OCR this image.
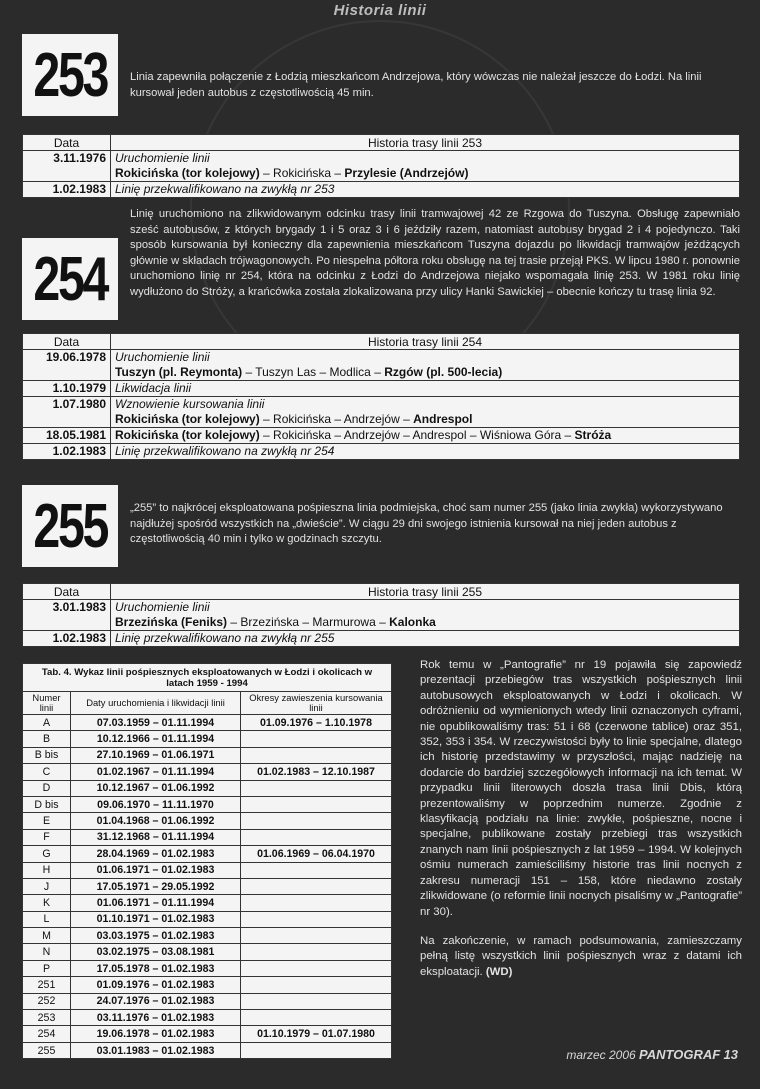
Historia linii
253 Linia zapewniła połączenie z Łodzią mieszkańcom Andrzejowa, który wówczas nie należał jeszcze do Łodzi. Na linii kursował jeden autobus z częstotliwością 45 min.
Data	Historia trasy linii 253
3.11.1976	Uruchomienie linii
Rokicińska (tor kolejowy) – Rokicińska – Przylesie (Andrzejów)

1.02.1983	Linię przekwalifikowano na zwykłą nr 253
254
Linię uruchomiono na zlikwidowanym odcinku trasy linii tramwajowej 42 ze Rzgowa do Tuszyna. Obsługę zapewniało sześć autobusów, z których brygady 1 i 5 oraz 3 i 6 jeździły razem, natomiast autobusy brygad 2 i 4 pojedynczo. Taki sposób kursowania był konieczny dla zapewnienia mieszkańcom Tuszyna dojazdu po likwidacji tramwajów jeżdżących głównie w składach trójwagonowych. Po niespełna półtora roku obsługę na tej trasie przejął PKS. W lipcu 1980 r. ponownie uruchomiono linię nr 254, która na odcinku z Łodzi do Andrzejowa niejako wspomagała linię 253. W 1981 roku linię wydłużono do Stróży, a krańcówka została zlokalizowana przy ulicy Hanki Sawickiej – obecnie kończy tu trasę linia 92.
Data	Historia trasy linii 254
19.06.1978	Uruchomienie linii
Tuszyn (pl. Reymonta) – Tuszyn Las – Modlica – Rzgów (pl. 500-lecia)

1.10.1979	Likwidacja linii

1.07.1980	Wznowienie kursowania linii
Rokicińska (tor kolejowy) – Rokicińska – Andrzejów – Andrespol

18.05.1981	Rokicińska (tor kolejowy) – Rokicińska – Andrzejów – Andrespol – Wiśniowa Góra – Stróża

1.02.1983	Linię przekwalifikowano na zwykłą nr 254
255 „255” to najkrócej eksploatowana pośpieszna linia podmiejska, choć sam numer 255 (jako linia zwykła) wykorzystywano najdłużej spośród wszystkich na „dwieście”. W ciągu 29 dni swojego istnienia kursował na niej jeden autobus z częstotliwością 40 min i tylko w godzinach szczytu.
Data	Historia trasy linii 255
3.01.1983	Uruchomienie linii
Brzezińska (Feniks) – Brzezińska – Marmurowa – Kalonka

1.02.1983	Linię przekwalifikowano na zwykłą nr 255
Tab. 4. Wykaz linii pośpiesznych eksploatowanych w Łodzi i okolicach w latach 1959 - 1994
Numer linii	Daty uruchomienia i likwidacji linii	Okresy zawieszenia kursowania linii
A	07.03.1959 – 01.11.1994	01.09.1976 – 1.10.1978
B	10.12.1966 – 01.11.1994	
B bis	27.10.1969 – 01.06.1971	
C	01.02.1967 – 01.11.1994	01.02.1983 – 12.10.1987
D	10.12.1967 – 01.06.1992	
D bis	09.06.1970 – 11.11.1970	
E	01.04.1968 – 01.06.1992	
F	31.12.1968 – 01.11.1994	
G	28.04.1969 – 01.02.1983	01.06.1969 – 06.04.1970
H	01.06.1971 – 01.02.1983	
J	17.05.1971 – 29.05.1992	
K	01.06.1971 – 01.11.1994	
L	01.10.1971 – 01.02.1983	
M	03.03.1975 – 01.02.1983	
N	03.02.1975 – 03.08.1981	
P	17.05.1978 – 01.02.1983	
251	01.09.1976 – 01.02.1983	
252	24.07.1976 – 01.02.1983	
253	03.11.1976 – 01.02.1983	
254	19.06.1978 – 01.02.1983	01.10.1979 – 01.07.1980
255	03.01.1983 – 01.02.1983	

Rok temu w „Pantografie” nr 19 pojawiła się zapowiedź prezentacji przebiegów tras wszystkich pośpiesznych linii autobusowych eksploatowanych w Łodzi i okolicach. W odróżnieniu od wymienionych wtedy linii oznaczonych cyframi, nie opublikowaliśmy tras: 51 i 68 (czerwone tablice) oraz 351, 352, 353 i 354. W rzeczywistości były to linie specjalne, dlatego ich historię przedstawimy w przyszłości, mając nadzieję na dodarcie do bardziej szczegółowych informacji na ich temat. W przypadku linii literowych doszła trasa linii Dbis, którą prezentowaliśmy w poprzednim numerze. Zgodnie z klasyfikacją podziału na linie: zwykłe, pośpieszne, nocne i specjalne, publikowane zostały przebiegi tras wszystkich znanych nam linii pośpiesznych z lat 1959 – 1994. W kolejnych ośmiu numerach zamieściliśmy historie tras linii nocnych z zakresu numeracji 151 – 158, które niedawno zostały zlikwidowane (o reformie linii nocnych pisaliśmy w „Pantografie” nr 30).

Na zakończenie, w ramach podsumowania, zamieszczamy pełną listę wszystkich linii pośpiesznych wraz z datami ich eksploatacji. (WD)

marzec 2006 PANTOGRAF 13
